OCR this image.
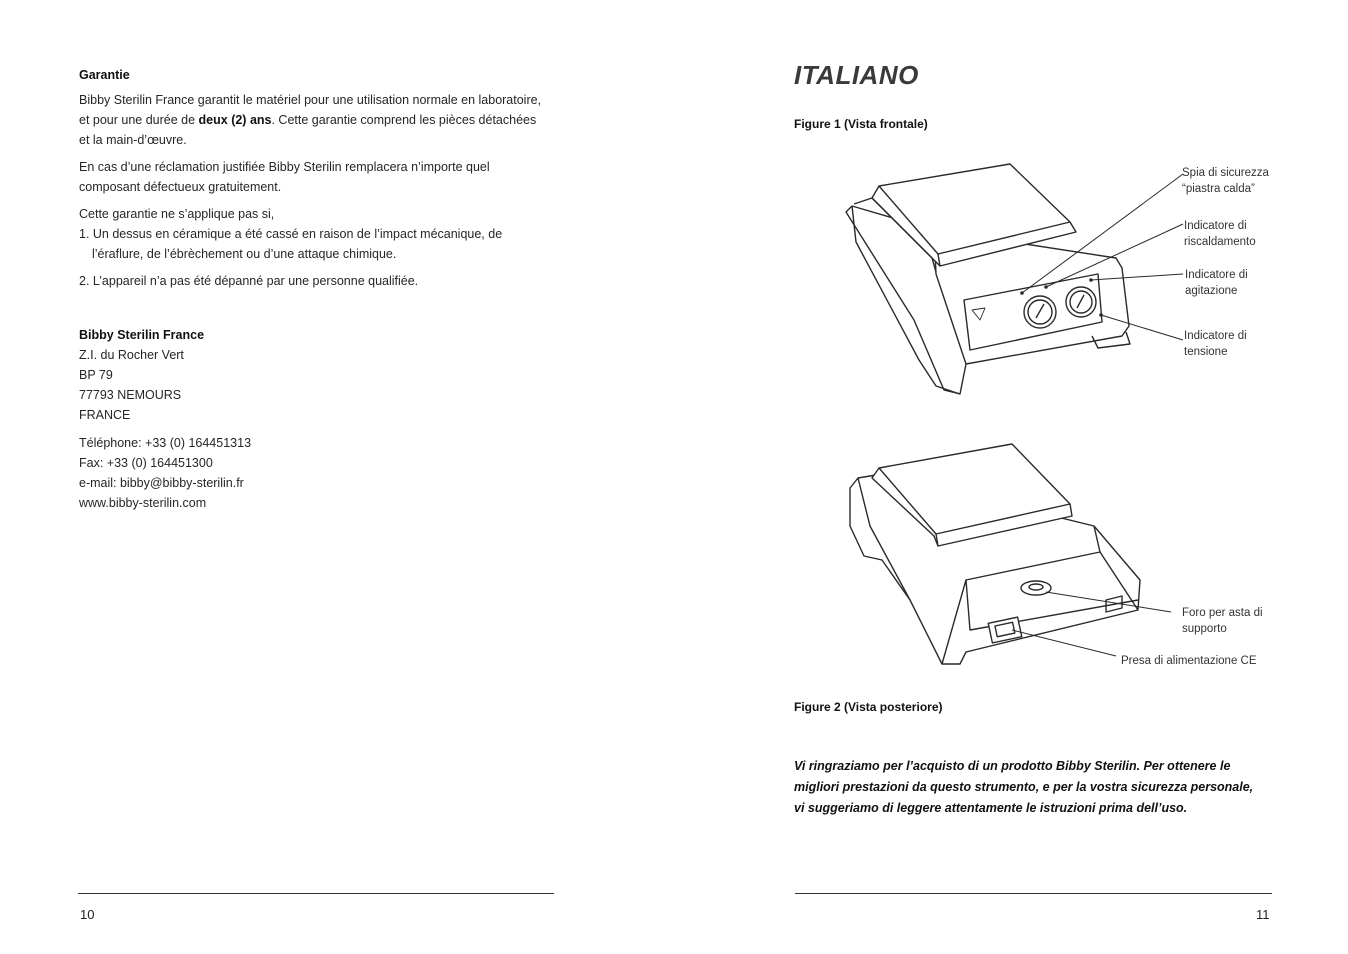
Garantie
Bibby Sterilin France garantit le matériel pour une utilisation normale en laboratoire,
et pour une durée de deux (2) ans. Cette garantie comprend les pièces détachées
et la main-d’œuvre.
En cas d’une réclamation justifiée Bibby Sterilin remplacera n’importe quel
composant défectueux gratuitement.
Cette garantie ne s’applique pas si,
1. Un dessus en céramique a été cassé en raison de l’impact mécanique, de
l’éraflure, de l’ébrèchement ou d’une attaque chimique.
2. L’appareil n’a pas été dépanné par une personne qualifiée.
Bibby Sterilin France
Z.I. du Rocher Vert
BP 79
77793 NEMOURS
FRANCE
Téléphone: +33 (0) 164451313
Fax: +33 (0) 164451300
e-mail: bibby@bibby-sterilin.fr
www.bibby-sterilin.com
10
ITALIANO
Figure 1 (Vista frontale)
Spia di sicurezza
“piastra calda”
Indicatore di
riscaldamento
Indicatore di
agitazione
Indicatore di
tensione
Foro per asta di
supporto
Presa di alimentazione CE
Figure 2 (Vista posteriore)
Vi ringraziamo per l’acquisto di un prodotto Bibby Sterilin. Per ottenere le
migliori prestazioni da questo strumento, e per la vostra sicurezza personale,
vi suggeriamo di leggere attentamente le istruzioni prima dell’uso.
11
